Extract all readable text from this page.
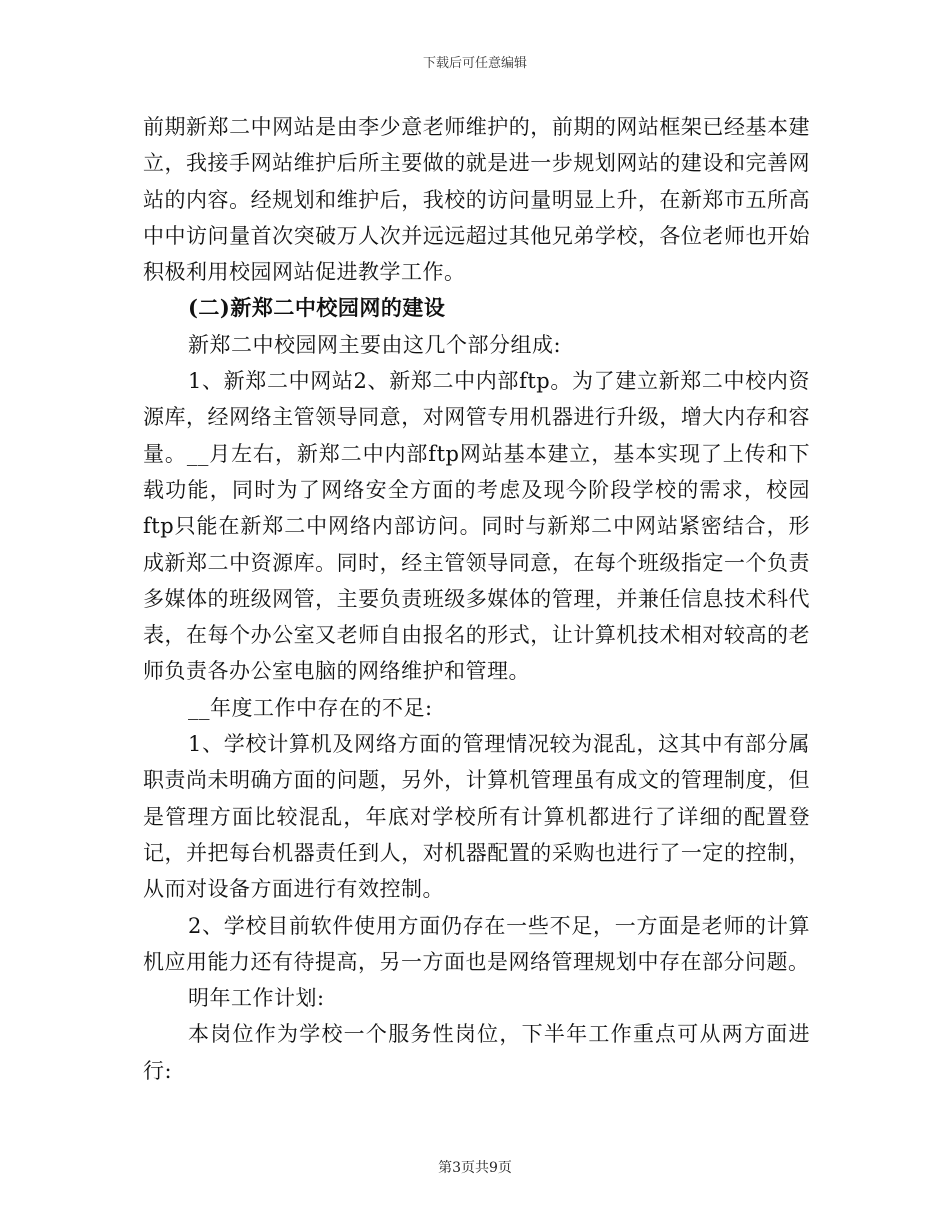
下载后可任意编辑

前期新郑二中网站是由李少意老师维护的，前期的网站框架已经基本建立，我接手网站维护后所主要做的就是进一步规划网站的建设和完善网站的内容。经规划和维护后，我校的访问量明显上升，在新郑市五所高中中访问量首次突破万人次并远远超过其他兄弟学校，各位老师也开始积极利用校园网站促进教学工作。

(二)新郑二中校园网的建设

新郑二中校园网主要由这几个部分组成:

1、新郑二中网站2、新郑二中内部ftp。为了建立新郑二中校内资源库，经网络主管领导同意，对网管专用机器进行升级，增大内存和容量。__月左右，新郑二中内部ftp网站基本建立，基本实现了上传和下载功能，同时为了网络安全方面的考虑及现今阶段学校的需求，校园ftp只能在新郑二中网络内部访问。同时与新郑二中网站紧密结合，形成新郑二中资源库。同时，经主管领导同意，在每个班级指定一个负责多媒体的班级网管，主要负责班级多媒体的管理，并兼任信息技术科代表，在每个办公室又老师自由报名的形式，让计算机技术相对较高的老师负责各办公室电脑的网络维护和管理。

__年度工作中存在的不足:

1、学校计算机及网络方面的管理情况较为混乱，这其中有部分属职责尚未明确方面的问题，另外，计算机管理虽有成文的管理制度，但是管理方面比较混乱，年底对学校所有计算机都进行了详细的配置登记，并把每台机器责任到人，对机器配置的采购也进行了一定的控制，从而对设备方面进行有效控制。

2、学校目前软件使用方面仍存在一些不足，一方面是老师的计算机应用能力还有待提高，另一方面也是网络管理规划中存在部分问题。

明年工作计划:

本岗位作为学校一个服务性岗位，下半年工作重点可从两方面进行:

第3页共9页
